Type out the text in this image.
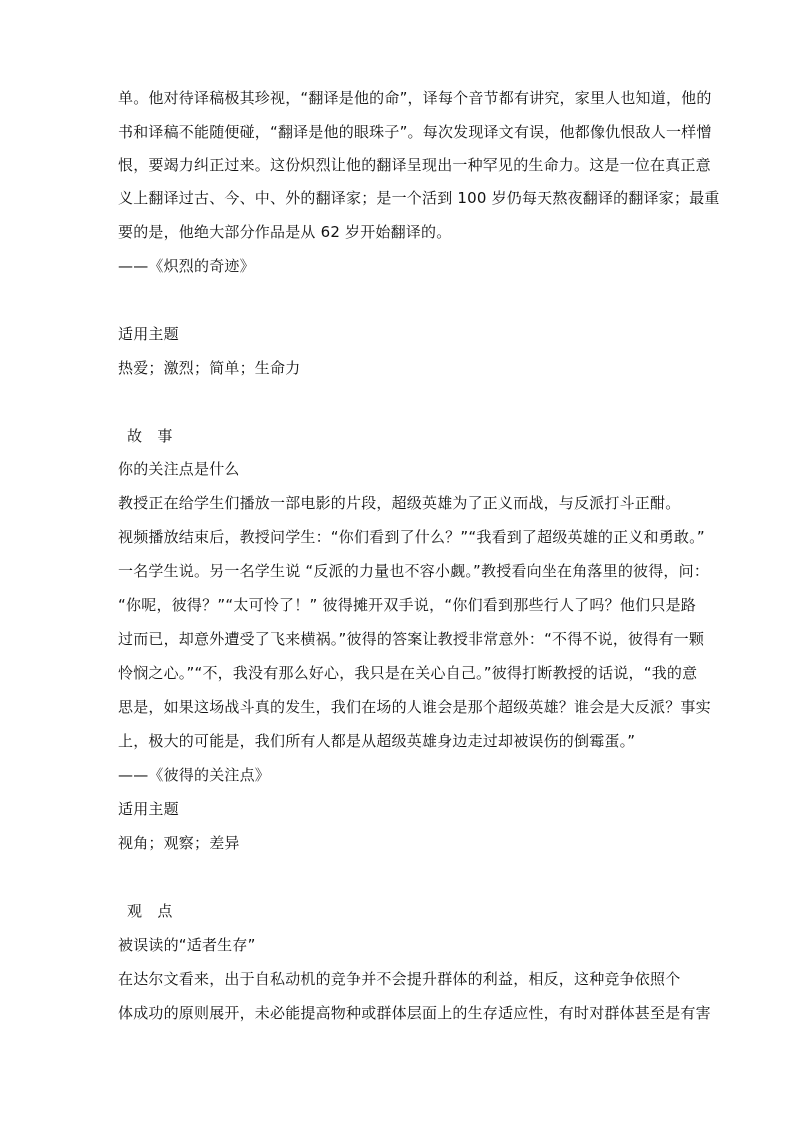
单。他对待译稿极其珍视，“翻译是他的命”，译每个音节都有讲究，家里人也知道，他的
书和译稿不能随便碰，“翻译是他的眼珠子”。每次发现译文有误，他都像仇恨敌人一样憎
恨，要竭力纠正过来。这份炽烈让他的翻译呈现出一种罕见的生命力。这是一位在真正意
义上翻译过古、今、中、外的翻译家；是一个活到 100 岁仍每天熬夜翻译的翻译家；最重
要的是，他绝大部分作品是从 62 岁开始翻译的。
——《炽烈的奇迹》
适用主题
热爱；激烈；简单；生命力
故　事
你的关注点是什么
教授正在给学生们播放一部电影的片段，超级英雄为了正义而战，与反派打斗正酣。
视频播放结束后，教授问学生：“你们看到了什么？”“我看到了超级英雄的正义和勇敢。”
一名学生说。另一名学生说 “反派的力量也不容小觑。”教授看向坐在角落里的彼得，问：
“你呢，彼得？”“太可怜了！” 彼得摊开双手说，“你们看到那些行人了吗？他们只是路
过而已，却意外遭受了飞来横祸。”彼得的答案让教授非常意外：“不得不说，彼得有一颗
怜悯之心。”“不，我没有那么好心，我只是在关心自己。”彼得打断教授的话说，“我的意
思是，如果这场战斗真的发生，我们在场的人谁会是那个超级英雄？谁会是大反派？事实
上，极大的可能是，我们所有人都是从超级英雄身边走过却被误伤的倒霉蛋。”
——《彼得的关注点》
适用主题
视角；观察；差异
观　点
被误读的“适者生存”
在达尔文看来，出于自私动机的竞争并不会提升群体的利益，相反，这种竞争依照个
体成功的原则展开，未必能提高物种或群体层面上的生存适应性，有时对群体甚至是有害
